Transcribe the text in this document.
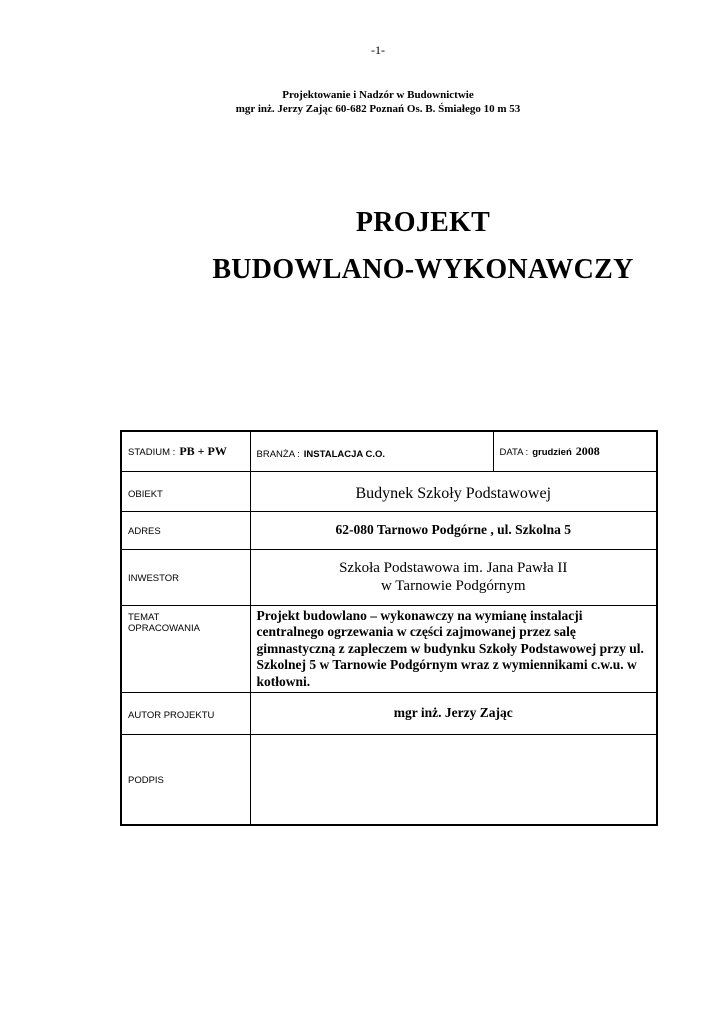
-1-
Projektowanie i Nadzór w Budownictwie
mgr inż. Jerzy Zając 60-682 Poznań Os. B. Śmiałego 10 m 53
PROJEKT
BUDOWLANO-WYKONAWCZY
STADIUM : PB + PW	BRANŻA : INSTALACJA C.O.	DATA : grudzień 2008
OBIEKT	Budynek Szkoły Podstawowej	
ADRES	62-080 Tarnowo Podgórne , ul. Szkolna 5	
INWESTOR	Szkoła Podstawowa im. Jana Pawła II
w Tarnowie Podgórnym	

TEMAT
OPRACOWANIA	Projekt budowlano – wykonawczy na wymianę instalacji centralnego ogrzewania w części zajmowanej przez salę gimnastyczną z zapleczem w budynku Szkoły Podstawowej przy ul. Szkolnej 5 w Tarnowie Podgórnym wraz z wymiennikami c.w.u. w kotłowni.	
AUTOR PROJEKTU	mgr inż. Jerzy Zając	
PODPIS		
